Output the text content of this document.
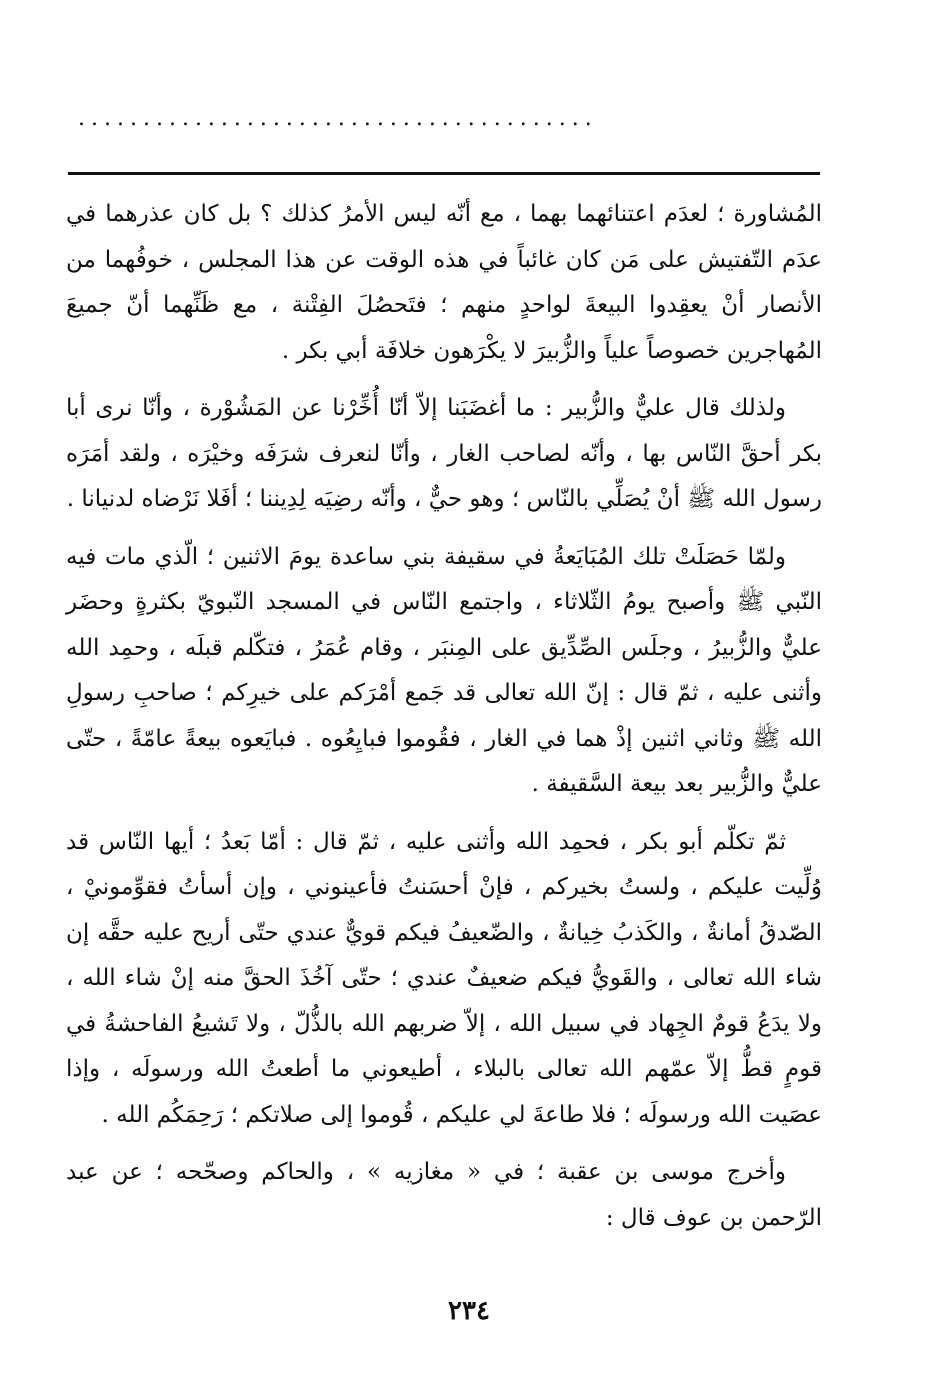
........................................

المُشاورة ؛ لعدَم اعتنائهما بهما ، مع أنّه ليس الأمرُ كذلك ؟ بل كان عذرهما في عدَم التّفتيش على مَن كان غائباً في هذه الوقت عن هذا المجلس ، خوفُهما من الأنصار أنْ يعقِدوا البيعةَ لواحدٍ منهم ؛ فتَحصُلَ الفِتْنة ، مع ظَنِّهما أنّ جميعَ المُهاجرين خصوصاً علياً والزُّبيرَ لا يكْرَهون خلافَة أبي بكر .

ولذلك قال عليٌّ والزُّبير : ما أغضَبَنا إلاّ أنّا أُخِّرْنا عن المَشُوْرة ، وأنّا نرى أبا بكر أحقَّ النّاس بها ، وأنّه لصاحب الغار ، وأنّا لنعرف شرَفَه وخيْرَه ، ولقد أمَرَه رسول الله ﷺ أنْ يُصَلِّي بالنّاس ؛ وهو حيٌّ ، وأنّه رضِيَه لِدِيننا ؛ أفَلا نَرْضاه لدنيانا .

ولمّا حَصَلَتْ تلك المُبَايَعةُ في سقيفة بني ساعدة يومَ الاثنين ؛ الّذي مات فيه النّبي ﷺ وأصبح يومُ الثّلاثاء ، واجتمع النّاس في المسجد النّبويّ بكثرةٍ وحضَر عليٌّ والزُّبيرُ ، وجلَس الصِّدِّيق على المِنبَر ، وقام عُمَرُ ، فتكّلم قبلَه ، وحمِد الله وأثنى عليه ، ثمّ قال : إنّ الله تعالى قد جَمع أمْرَكم على خيرِكم ؛ صاحبِ رسولِ الله ﷺ وثاني اثنين إذْ هما في الغار ، فقُوموا فبايِعُوه . فبايَعوه بيعةً عامّةً ، حتّى عليٌّ والزُّبير بعد بيعة السَّقيفة .

ثمّ تكلّم أبو بكر ، فحمِد الله وأثنى عليه ، ثمّ قال : أمّا بَعدُ ؛ أيها النّاس قد وُلِّيت عليكم ، ولستُ بخيركم ، فإنْ أحسَنتُ فأعينوني ، وإن أسأتُ فقوِّمونيْ ، الصّدقُ أمانةٌ ، والكَذبُ خِيانةٌ ، والضّعيفُ فيكم قويٌّ عندي حتّى أريح عليه حقَّه إن شاء الله تعالى ، والقَويُّ فيكم ضعيفٌ عندي ؛ حتّى آخُذَ الحقَّ منه إنْ شاء الله ، ولا يدَعُ قومٌ الجِهاد في سبيل الله ، إلاّ ضربهم الله بالذُّلّ ، ولا تَشيعُ الفاحشةُ في قومٍ قطُّ إلاّ عمّهم الله تعالى بالبلاء ، أطيعوني ما أطعتُ الله ورسولَه ، وإذا عصَيت الله ورسولَه ؛ فلا طاعةَ لي عليكم ، قُوموا إلى صلاتكم ؛ رَحِمَكُم الله .

وأخرج موسى بن عقبة ؛ في « مغازيه » ، والحاكم وصحّحه ؛ عن عبد الرّحمن بن عوف قال :

٢٣٤
